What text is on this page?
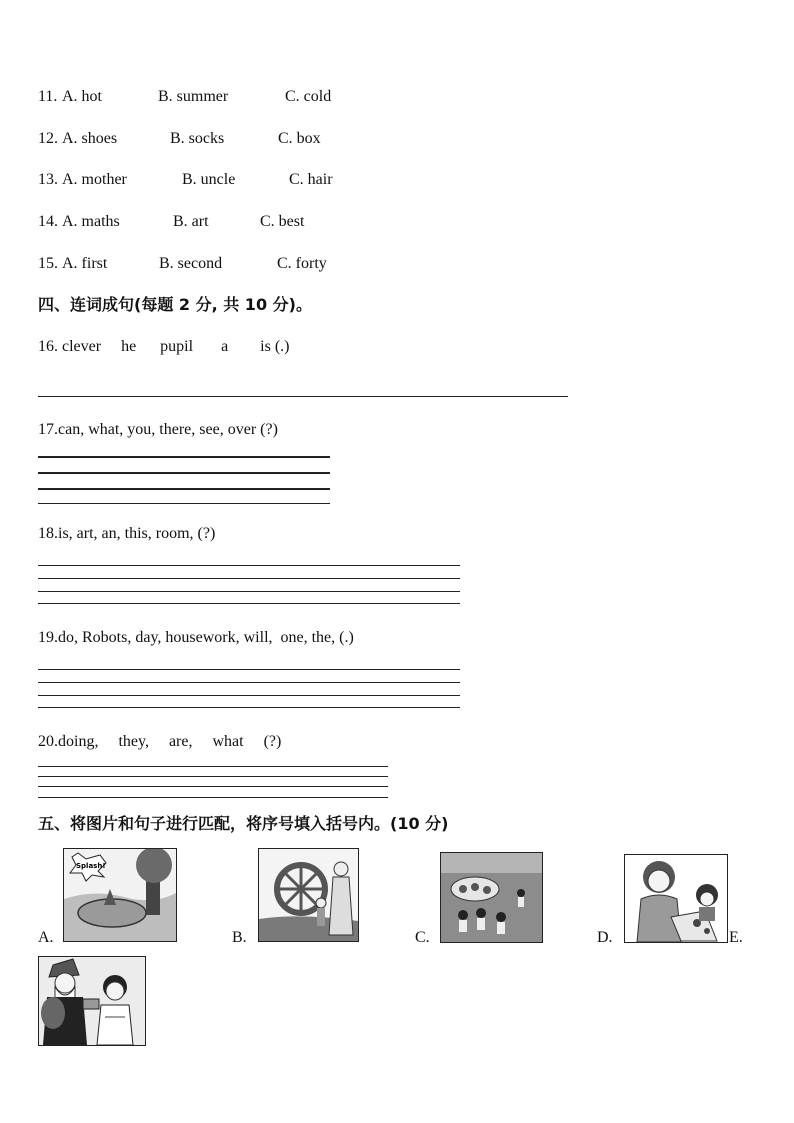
11. A. hot	B. summer	C. cold
12. A. shoes	B. socks	C. box
13. A. mother	B. uncle	C. hair
14. A. maths	B. art	C. best
15. A. first	B. second	C. forty
四、连词成句(每题 2 分, 共 10 分)。
16. clever     he      pupil       a        is (.)
17.can, what, you, there, see, over (?)
18.is, art, an, this, room, (?)
19.do, Robots, day, housework, will,  one, the, (.)
20.doing,     they,     are,     what     (?)
五、将图片和句子进行匹配，将序号填入括号内。(10 分)
A.
Splash!
B.	C.	D.	E.
